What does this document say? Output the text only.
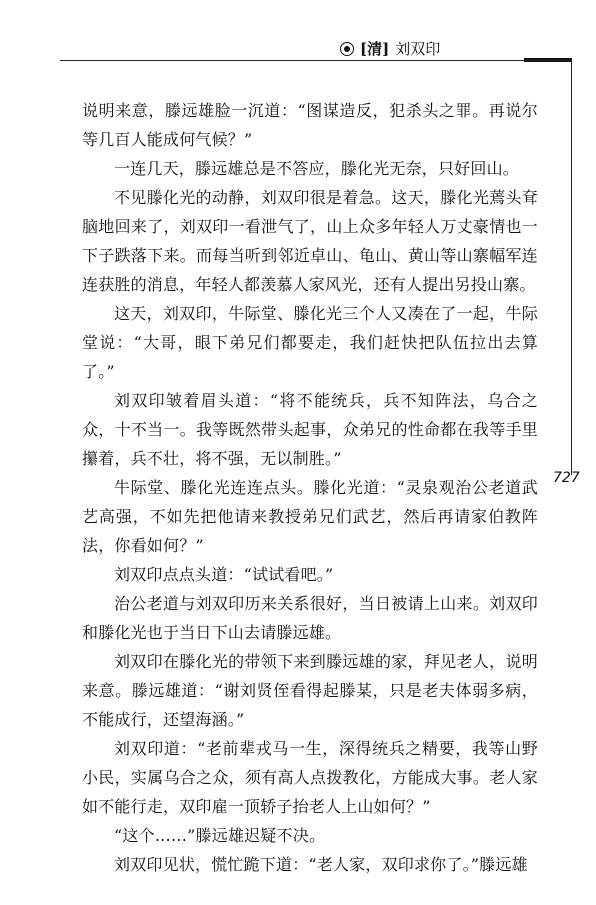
[清] 刘双印
727

说明来意，滕远雄脸一沉道：“图谋造反，犯杀头之罪。再说尔等几百人能成何气候？”

一连几天，滕远雄总是不答应，滕化光无奈，只好回山。

不见滕化光的动静，刘双印很是着急。这天，滕化光蔫头耷脑地回来了，刘双印一看泄气了，山上众多年轻人万丈豪情也一下子跌落下来。而每当听到邻近卓山、龟山、黄山等山寨幅军连连获胜的消息，年轻人都羡慕人家风光，还有人提出另投山寨。

这天，刘双印，牛际堂、滕化光三个人又凑在了一起，牛际堂说：“大哥，眼下弟兄们都要走，我们赶快把队伍拉出去算了。”

刘双印皱着眉头道：“将不能统兵，兵不知阵法，乌合之众，十不当一。我等既然带头起事，众弟兄的性命都在我等手里攥着，兵不壮，将不强，无以制胜。”

牛际堂、滕化光连连点头。滕化光道：“灵泉观治公老道武艺高强，不如先把他请来教授弟兄们武艺，然后再请家伯教阵法，你看如何？”

刘双印点点头道：“试试看吧。”

治公老道与刘双印历来关系很好，当日被请上山来。刘双印和滕化光也于当日下山去请滕远雄。

刘双印在滕化光的带领下来到滕远雄的家，拜见老人，说明来意。滕远雄道：“谢刘贤侄看得起滕某，只是老夫体弱多病，不能成行，还望海涵。”

刘双印道：“老前辈戎马一生，深得统兵之精要，我等山野小民，实属乌合之众，须有高人点拨教化，方能成大事。老人家如不能行走，双印雇一顶轿子抬老人上山如何？”

“这个……”滕远雄迟疑不决。

刘双印见状，慌忙跪下道：“老人家，双印求你了。”滕远雄
